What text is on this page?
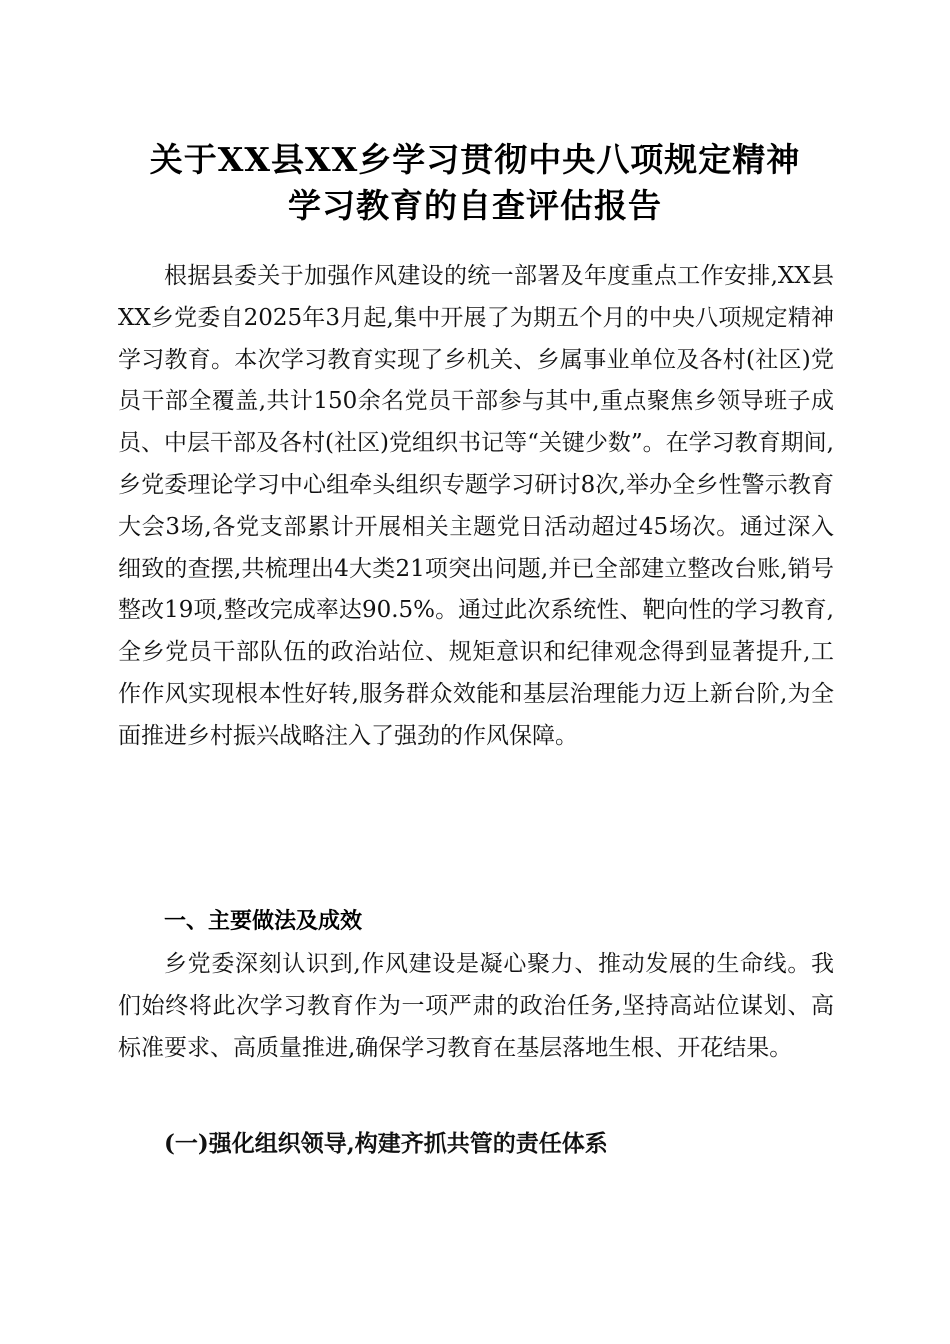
关于XX县XX乡学习贯彻中央八项规定精神
学习教育的自查评估报告

根据县委关于加强作风建设的统一部署及年度重点工作安排,XX县XX乡党委自2025年3月起,集中开展了为期五个月的中央八项规定精神学习教育。本次学习教育实现了乡机关、乡属事业单位及各村(社区)党员干部全覆盖,共计150余名党员干部参与其中,重点聚焦乡领导班子成员、中层干部及各村(社区)党组织书记等“关键少数”。在学习教育期间,乡党委理论学习中心组牵头组织专题学习研讨8次,举办全乡性警示教育大会3场,各党支部累计开展相关主题党日活动超过45场次。通过深入细致的查摆,共梳理出4大类21项突出问题,并已全部建立整改台账,销号整改19项,整改完成率达90.5%。通过此次系统性、靶向性的学习教育,全乡党员干部队伍的政治站位、规矩意识和纪律观念得到显著提升,工作作风实现根本性好转,服务群众效能和基层治理能力迈上新台阶,为全面推进乡村振兴战略注入了强劲的作风保障。

一、主要做法及成效

乡党委深刻认识到,作风建设是凝心聚力、推动发展的生命线。我们始终将此次学习教育作为一项严肃的政治任务,坚持高站位谋划、高标准要求、高质量推进,确保学习教育在基层落地生根、开花结果。

(一)强化组织领导,构建齐抓共管的责任体系
